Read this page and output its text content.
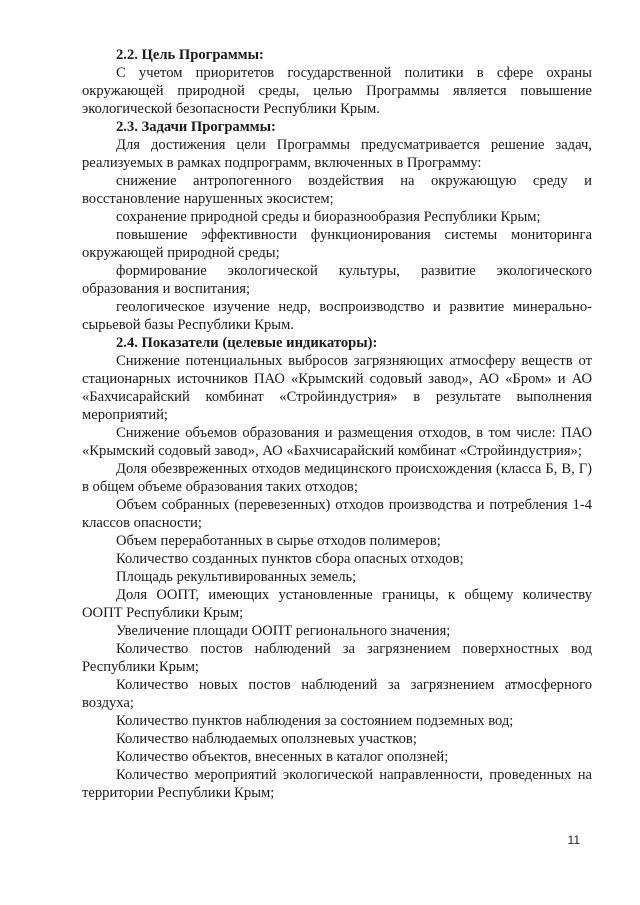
2.2. Цель Программы:

С учетом приоритетов государственной политики в сфере охраны окружающей природной среды, целью Программы является повышение экологической безопасности Республики Крым.

2.3. Задачи Программы:

Для достижения цели Программы предусматривается решение задач, реализуемых в рамках подпрограмм, включенных в Программу:

снижение антропогенного воздействия на окружающую среду и восстановление нарушенных экосистем;

сохранение природной среды и биоразнообразия Республики Крым;

повышение эффективности функционирования системы мониторинга окружающей природной среды;

формирование экологической культуры, развитие экологического образования и воспитания;

геологическое изучение недр, воспроизводство и развитие минерально-сырьевой базы Республики Крым.

2.4. Показатели (целевые индикаторы):

Снижение потенциальных выбросов загрязняющих атмосферу веществ от стационарных источников ПАО «Крымский содовый завод», АО «Бром» и АО «Бахчисарайский комбинат «Стройиндустрия» в результате выполнения мероприятий;

Снижение объемов образования и размещения отходов, в том числе: ПАО «Крымский содовый завод», АО «Бахчисарайский комбинат «Стройиндустрия»;

Доля обезвреженных отходов медицинского происхождения (класса Б, В, Г) в общем объеме образования таких отходов;

Объем собранных (перевезенных) отходов производства и потребления 1-4 классов опасности;

Объем переработанных в сырье отходов полимеров;

Количество созданных пунктов сбора опасных отходов;

Площадь рекультивированных земель;

Доля ООПТ, имеющих установленные границы, к общему количеству ООПТ Республики Крым;

Увеличение площади ООПТ регионального значения;

Количество постов наблюдений за загрязнением поверхностных вод Республики Крым;

Количество новых постов наблюдений за загрязнением атмосферного воздуха;

Количество пунктов наблюдения за состоянием подземных вод;

Количество наблюдаемых оползневых участков;

Количество объектов, внесенных в каталог оползней;

Количество мероприятий экологической направленности, проведенных на территории Республики Крым;

11
